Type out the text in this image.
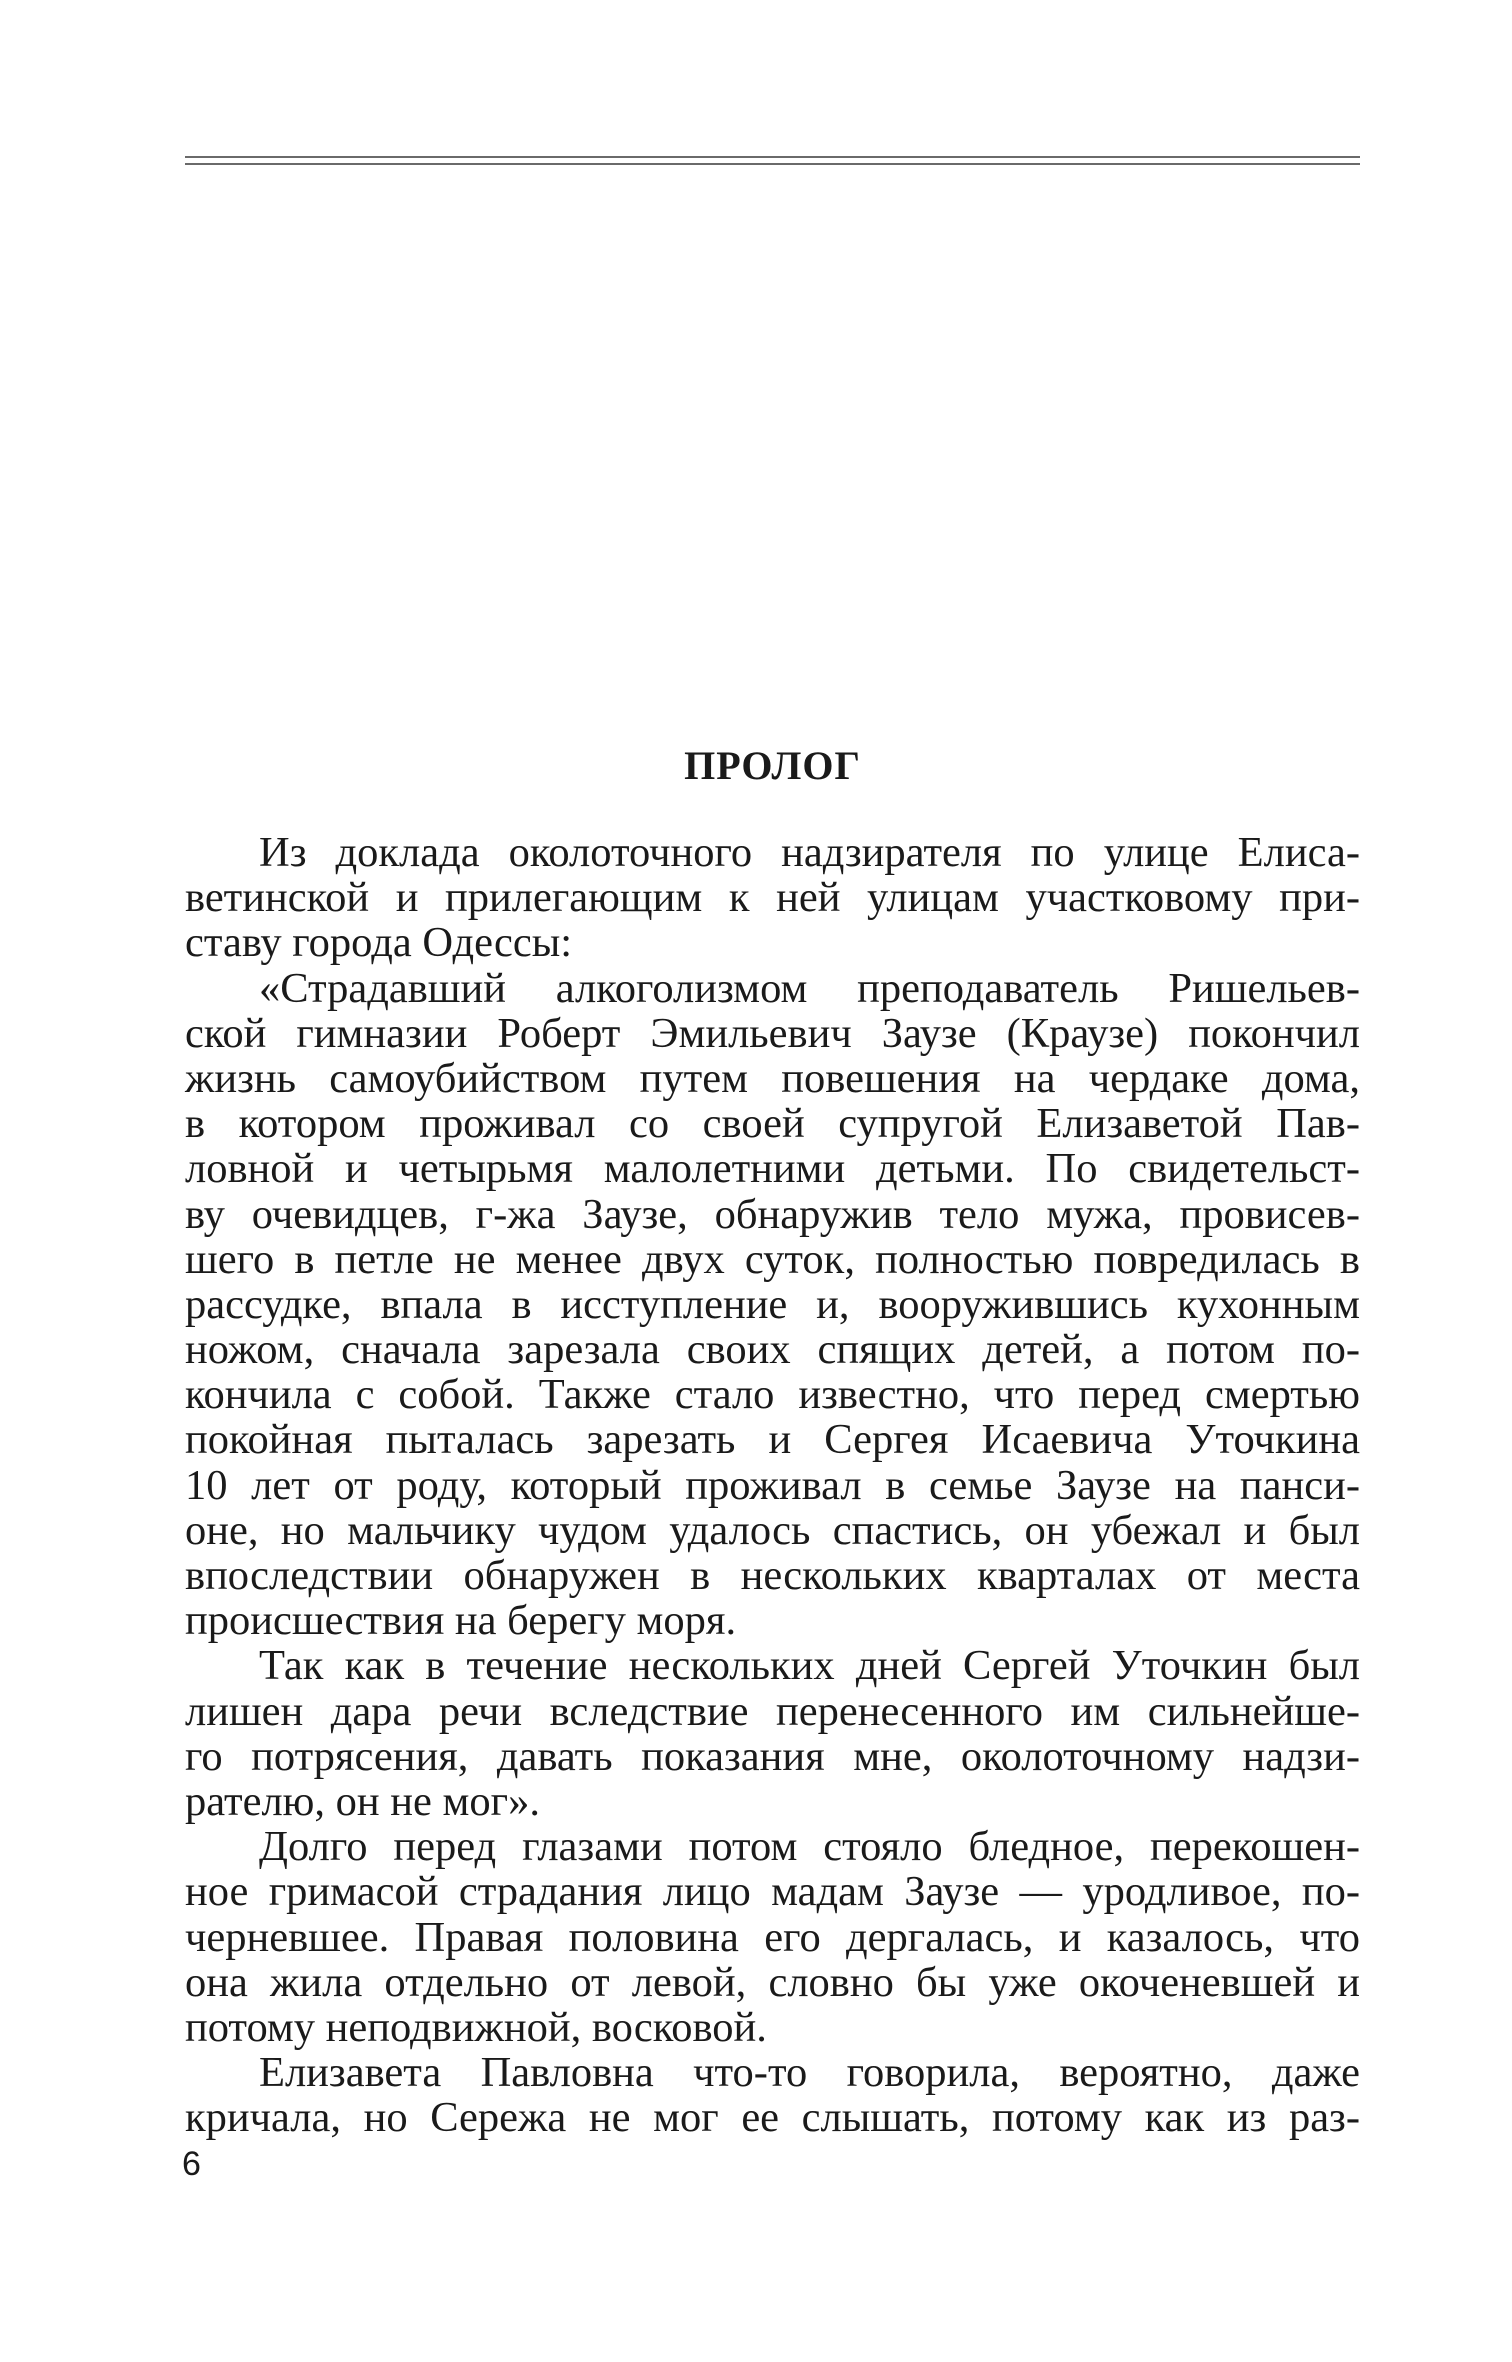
ПРОЛОГ
Из доклада околоточного надзирателя по улице Елиса-
ветинской и прилегающим к ней улицам участковому при-
ставу города Одессы:
«Страдавший алкоголизмом преподаватель Ришельев-
ской гимназии Роберт Эмильевич Заузе (Краузе) покончил
жизнь самоубийством путем повешения на чердаке дома,
в котором проживал со своей супругой Елизаветой Пав-
ловной и четырьмя малолетними детьми. По свидетельст-
ву очевидцев, г-жа Заузе, обнаружив тело мужа, провисев-
шего в петле не менее двух суток, полностью повредилась в
рассудке, впала в исступление и, вооружившись кухонным
ножом, сначала зарезала своих спящих детей, а потом по-
кончила с собой. Также стало известно, что перед смертью
покойная пыталась зарезать и Сергея Исаевича Уточкина
10 лет от роду, который проживал в семье Заузе на панси-
оне, но мальчику чудом удалось спастись, он убежал и был
впоследствии обнаружен в нескольких кварталах от места
происшествия на берегу моря.
Так как в течение нескольких дней Сергей Уточкин был
лишен дара речи вследствие перенесенного им сильнейше-
го потрясения, давать показания мне, околоточному надзи-
рателю, он не мог».
Долго перед глазами потом стояло бледное, перекошен-
ное гримасой страдания лицо мадам Заузе — уродливое, по-
черневшее. Правая половина его дергалась, и казалось, что
она жила отдельно от левой, словно бы уже окоченевшей и
потому неподвижной, восковой.
Елизавета Павловна что-то говорила, вероятно, даже
кричала, но Сережа не мог ее слышать, потому как из раз-
6
